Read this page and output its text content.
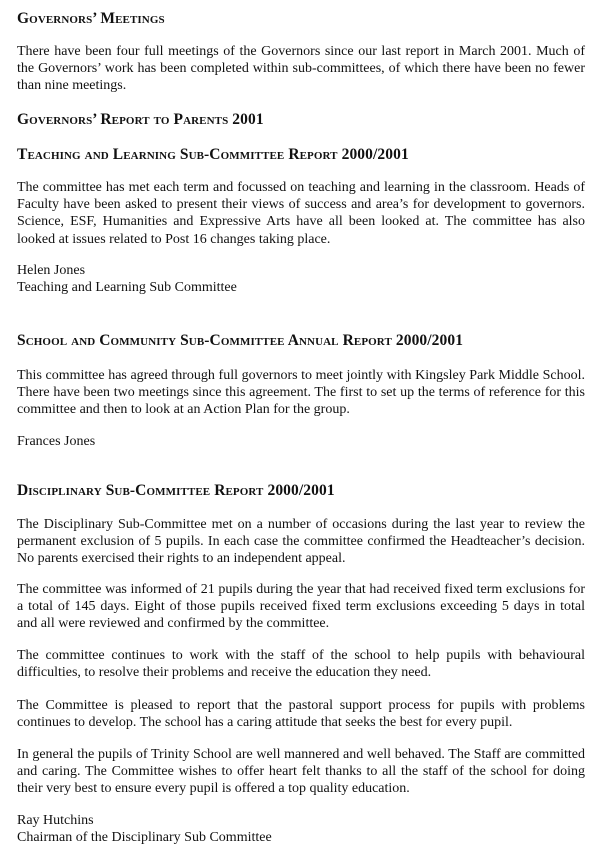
Governors’ Meetings

There have been four full meetings of the Governors since our last report in March 2001. Much of the Governors’ work has been completed within sub-committees, of which there have been no fewer than nine meetings.

Governors’ Report to Parents 2001
Teaching and Learning Sub-Committee Report 2000/2001

The committee has met each term and focussed on teaching and learning in the classroom. Heads of Faculty have been asked to present their views of success and area’s for development to governors. Science, ESF, Humanities and Expressive Arts have all been looked at. The committee has also looked at issues related to Post 16 changes taking place.

Helen Jones

Teaching and Learning Sub Committee

School and Community Sub-Committee Annual Report 2000/2001

This committee has agreed through full governors to meet jointly with Kingsley Park Middle School. There have been two meetings since this agreement. The first to set up the terms of reference for this committee and then to look at an Action Plan for the group.

Frances Jones

Disciplinary Sub-Committee Report 2000/2001

The Disciplinary Sub-Committee met on a number of occasions during the last year to review the permanent exclusion of 5 pupils. In each case the committee confirmed the Headteacher’s decision. No parents exercised their rights to an independent appeal.

The committee was informed of 21 pupils during the year that had received fixed term exclusions for a total of 145 days. Eight of those pupils received fixed term exclusions exceeding 5 days in total and all were reviewed and confirmed by the committee.

The committee continues to work with the staff of the school to help pupils with behavioural difficulties, to resolve their problems and receive the education they need.

The Committee is pleased to report that the pastoral support process for pupils with problems continues to develop. The school has a caring attitude that seeks the best for every pupil.

In general the pupils of Trinity School are well mannered and well behaved. The Staff are committed and caring. The Committee wishes to offer heart felt thanks to all the staff of the school for doing their very best to ensure every pupil is offered a top quality education.

Ray Hutchins

Chairman of the Disciplinary Sub Committee
